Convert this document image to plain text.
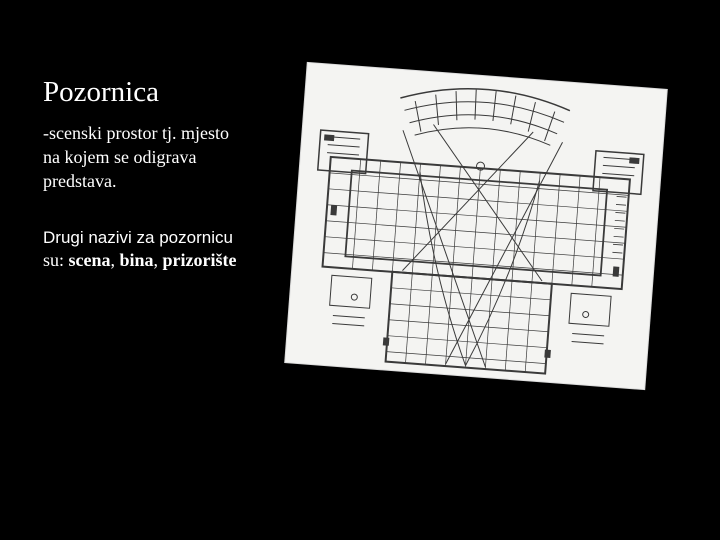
Pozornica
-scenski prostor tj. mjesto
na kojem se odigrava
predstava.
Drugi nazivi za pozornicu
su: scena, bina, prizorište
